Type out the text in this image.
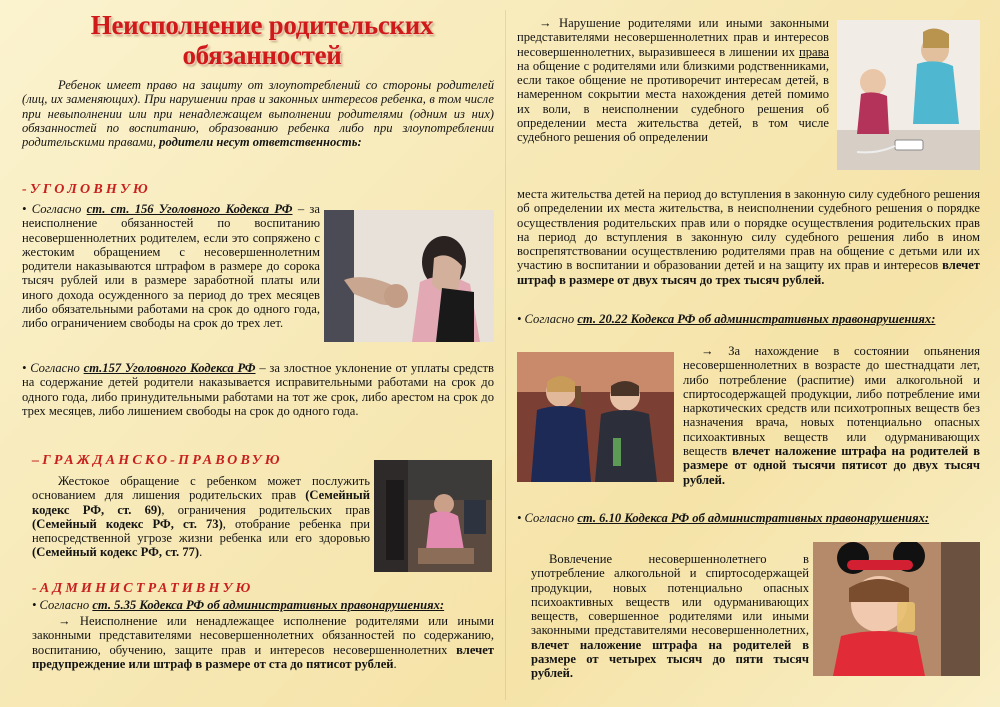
Неисполнение родительских обязанностей

Ребенок имеет право на защиту от злоупотреблений со стороны родителей (лиц, их заменяющих). При нарушении прав и законных интересов ребенка, в том числе при невыполнении или при ненадлежащем выполнении родителями (одним из них) обязанностей по воспитанию, образованию ребенка либо при злоупотреблении родительскими правами, родители несут ответственность:

-УГОЛОВНУЮ

• Согласно ст. ст. 156 Уголовного Кодекса РФ – за неисполнение обязанностей по воспитанию несовершеннолетних родителем, если это сопряжено с жестоким обращением с несовершеннолетним родители наказываются штрафом в размере до сорока тысяч рублей или в размере заработной платы или иного дохода осужденного за период до трех месяцев либо обязательными работами на срок до одного года, либо ограничением свободы на срок до трех лет.

• Согласно ст.157 Уголовного Кодекса РФ – за злостное уклонение от уплаты средств на содержание детей родители наказывается исправительными работами на срок до одного года, либо принудительными работами на тот же срок, либо арестом на срок до трех месяцев, либо лишением свободы на срок до одного года.

–ГРАЖДАНСКО-ПРАВОВУЮ

Жестокое обращение с ребенком может послужить основанием для лишения родительских прав (Семейный кодекс РФ, ст. 69), ограничения родительских прав (Семейный кодекс РФ, ст. 73), отобрание ребенка при непосредственной угрозе жизни ребенка или его здоровью (Семейный кодекс РФ, ст. 77).

-АДМИНИСТРАТИВНУЮ

• Согласно ст. 5.35 Кодекса РФ об административных правонарушениях:

→ Неисполнение или ненадлежащее исполнение родителями или иными законными представителями несовершеннолетних обязанностей по содержанию, воспитанию, обучению, защите прав и интересов несовершеннолетних влечет предупреждение или штраф в размере от ста до пятисот рублей.

→ Нарушение родителями или иными законными представителями несовершеннолетних прав и интересов несовершеннолетних, выразившееся в лишении их права на общение с родителями или близкими родственниками, если такое общение не противоречит интересам детей, в намеренном сокрытии места нахождения детей помимо их воли, в неисполнении судебного решения об определении места жительства детей, в том числе судебного решения об определении

места жительства детей на период до вступления в законную силу судебного решения об определении их места жительства, в неисполнении судебного решения о порядке осуществления родительских прав или о порядке осуществления родительских прав на период до вступления в законную силу судебного решения либо в ином воспрепятствовании осуществлению родителями прав на общение с детьми или их участию в воспитании и образовании детей и на защиту их прав и интересов влечет штраф в размере от двух тысяч до трех тысяч рублей.

• Согласно ст. 20.22 Кодекса РФ об административных правонарушениях:

→ За нахождение в состоянии опьянения несовершеннолетних в возрасте до шестнадцати лет, либо потребление (распитие) ими алкогольной и спиртосодержащей продукции, либо потребление ими наркотических средств или психотропных веществ без назначения врача, новых потенциально опасных психоактивных веществ или одурманивающих веществ влечет наложение штрафа на родителей в размере от одной тысячи пятисот до двух тысяч рублей.

• Согласно ст. 6.10 Кодекса РФ об административных правонарушениях:

Вовлечение несовершеннолетнего в употребление алкогольной и спиртосодержащей продукции, новых потенциально опасных психоактивных веществ или одурманивающих веществ, совершенное родителями или иными законными представителями несовершеннолетних, влечет наложение штрафа на родителей в размере от четырех тысяч до пяти тысяч рублей.
